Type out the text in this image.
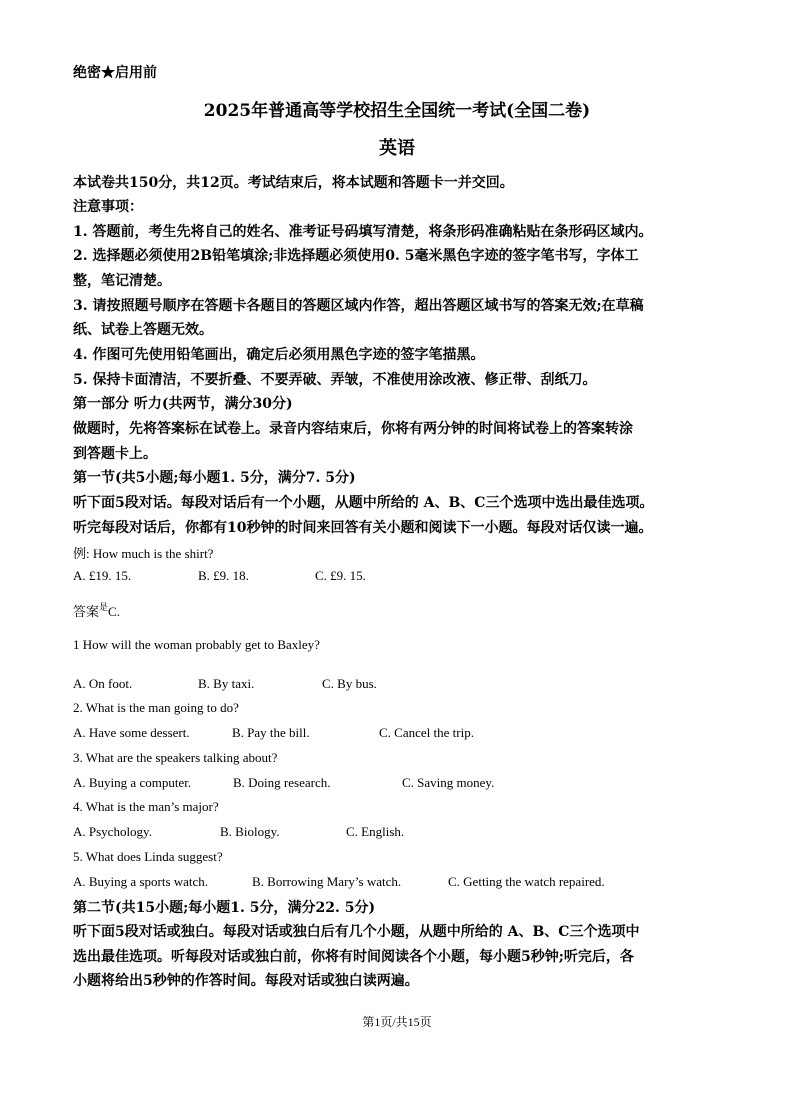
绝密★启用前
2025年普通高等学校招生全国统一考试(全国二卷)
英语
本试卷共150分，共12页。考试结束后，将本试题和答题卡一并交回。
注意事项：
1. 答题前，考生先将自己的姓名、准考证号码填写清楚，将条形码准确粘贴在条形码区域内。
2. 选择题必须使用2B铅笔填涂;非选择题必须使用0. 5毫米黑色字迹的签字笔书写，字体工
整，笔记清楚。
3. 请按照题号顺序在答题卡各题目的答题区域内作答，超出答题区域书写的答案无效;在草稿
纸、试卷上答题无效。
4. 作图可先使用铅笔画出，确定后必须用黑色字迹的签字笔描黑。
5. 保持卡面清洁，不要折叠、不要弄破、弄皱，不准使用涂改液、修正带、刮纸刀。
第一部分 听力(共两节，满分30分)
做题时，先将答案标在试卷上。录音内容结束后，你将有两分钟的时间将试卷上的答案转涂
到答题卡上。
第一节(共5小题;每小题1. 5分，满分7. 5分)
听下面5段对话。每段对话后有一个小题，从题中所给的 A、B、C三个选项中选出最佳选项。
听完每段对话后，你都有10秒钟的时间来回答有关小题和阅读下一小题。每段对话仅读一遍。
例: How much is the shirt?
A. £19. 15.	B. £9. 18.	C. £9. 15.
答案$^是$C.
1 How will the woman probably get to Baxley?
A. On foot.	B. By taxi.	C. By bus.
2. What is the man going to do?
A. Have some dessert.	B. Pay the bill.	C. Cancel the trip.
3. What are the speakers talking about?
A. Buying a computer.	B. Doing research.	C. Saving money.
4. What is the man’s major?
A. Psychology.	B. Biology.	C. English.
5. What does Linda suggest?
A. Buying a sports watch.	B. Borrowing Mary’s watch.	C. Getting the watch repaired.
第二节(共15小题;每小题1. 5分，满分22. 5分)
听下面5段对话或独白。每段对话或独白后有几个小题，从题中所给的 A、B、C三个选项中
选出最佳选项。听每段对话或独白前，你将有时间阅读各个小题，每小题5秒钟;听完后，各
小题将给出5秒钟的作答时间。每段对话或独白读两遍。
第1页/共15页
